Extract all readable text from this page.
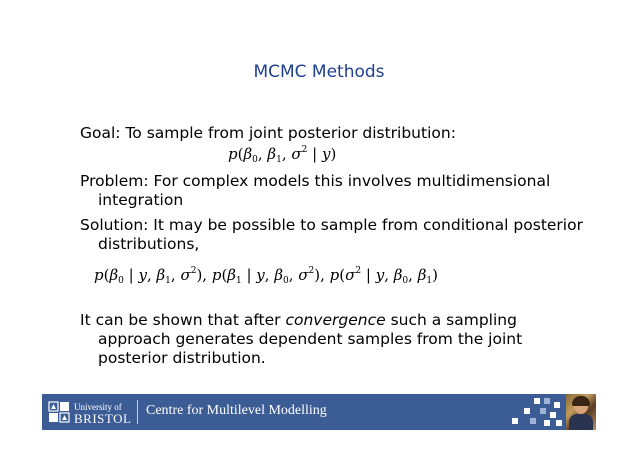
MCMC Methods
Goal: To sample from joint posterior distribution:
$p(\beta_0$, $\beta_1$, $\sigma^2$ | y)
Problem: For complex models this involves multidimensional
integration
Solution: It may be possible to sample from conditional posterior
distributions,
$p(\beta_0$ | y, $\beta_1$, $\sigma^2$), $p(\beta_1$ | y, $\beta_0$, $\sigma^2$), $p(\sigma^2$ | y, $\beta_0$, $\beta_1$)
It can be shown that after convergence such a sampling
approach generates dependent samples from the joint
posterior distribution.
University of
BRISTOL
Centre for Multilevel Modelling
